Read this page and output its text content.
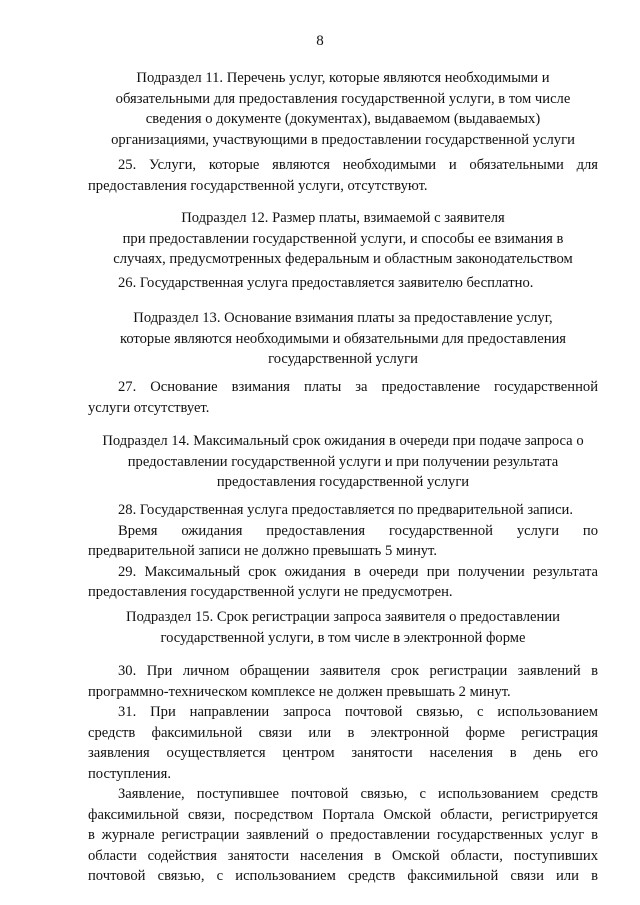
8
Подраздел 11. Перечень услуг, которые являются необходимыми и
обязательными для предоставления государственной услуги, в том числе
сведения о документе (документах), выдаваемом (выдаваемых)
организациями, участвующими в предоставлении государственной услуги
25. Услуги, которые являются необходимыми и обязательными для
предоставления государственной услуги, отсутствуют.
Подраздел 12. Размер платы, взимаемой с заявителя
при предоставлении государственной услуги, и способы ее взимания в
случаях, предусмотренных федеральным и областным законодательством
26. Государственная услуга предоставляется заявителю бесплатно.
Подраздел 13. Основание взимания платы за предоставление услуг,
которые являются необходимыми и обязательными для предоставления
государственной услуги
27. Основание взимания платы за предоставление государственной
услуги отсутствует.
Подраздел 14. Максимальный срок ожидания в очереди при подаче запроса о
предоставлении государственной услуги и при получении результата
предоставления государственной услуги
28. Государственная услуга предоставляется по предварительной записи.
Время ожидания предоставления государственной услуги по
предварительной записи не должно превышать 5 минут.
29. Максимальный срок ожидания в очереди при получении результата
предоставления государственной услуги не предусмотрен.
Подраздел 15. Срок регистрации запроса заявителя о предоставлении
государственной услуги, в том числе в электронной форме
30. При личном обращении заявителя срок регистрации заявлений в
программно-техническом комплексе не должен превышать 2 минут.
31. При направлении запроса почтовой связью, с использованием
средств факсимильной связи или в электронной форме регистрация
заявления осуществляется центром занятости населения в день его
поступления.
Заявление, поступившее почтовой связью, с использованием средств
факсимильной связи, посредством Портала Омской области, регистрируется
в журнале регистрации заявлений о предоставлении государственных услуг в
области содействия занятости населения в Омской области, поступивших
почтовой связью, с использованием средств факсимильной связи или в
